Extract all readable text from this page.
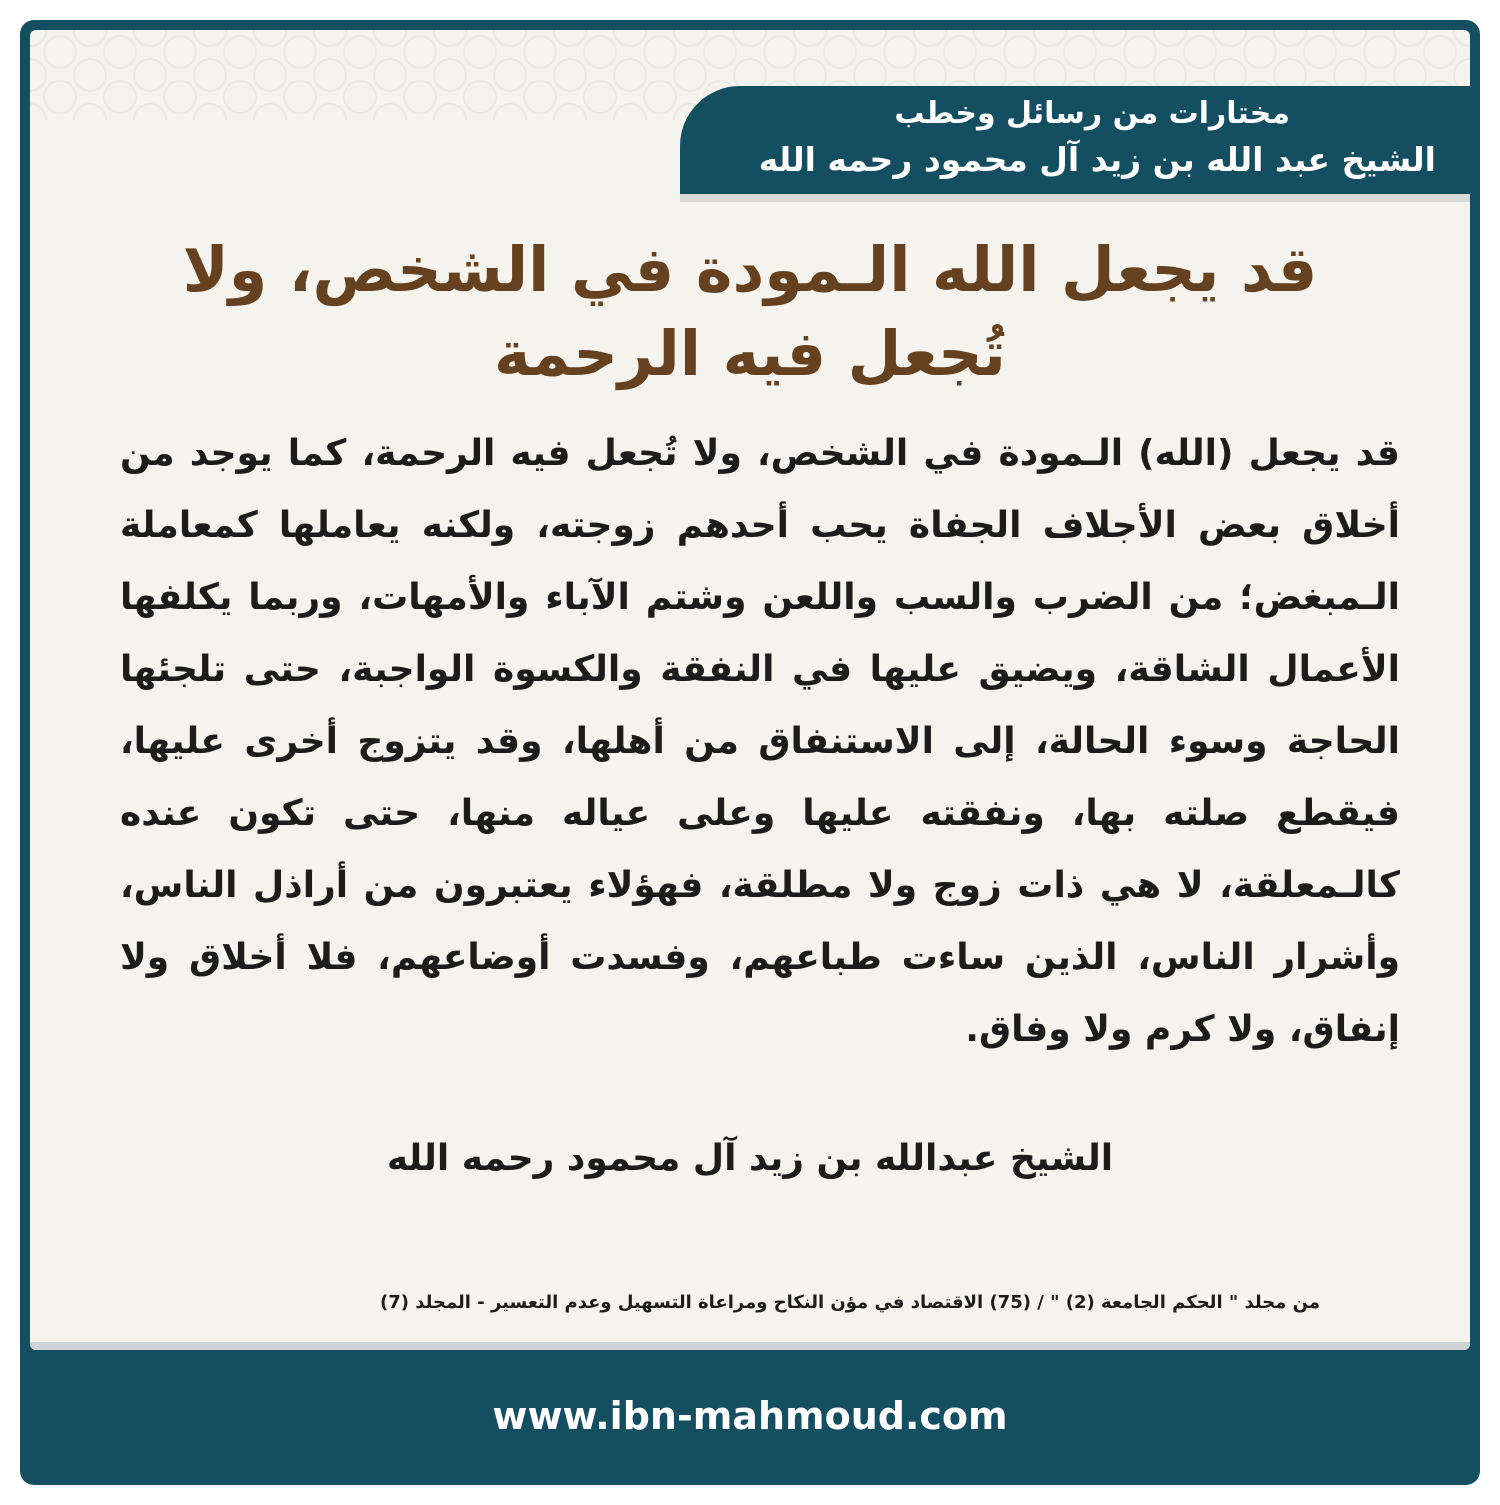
مختارات من رسائل وخطب
الشيخ عبد الله بن زيد آل محمود رحمه الله
قد يجعل الله الـمودة في الشخص، ولا تُجعل فيه الرحمة
قد يجعل (الله) الـمودة في الشخص، ولا تُجعل فيه الرحمة، كما يوجد من أخلاق بعض الأجلاف الجفاة يحب أحدهم زوجته، ولكنه يعاملها كمعاملة الـمبغض؛ من الضرب والسب واللعن وشتم الآباء والأمهات، وربما يكلفها الأعمال الشاقة، ويضيق عليها في النفقة والكسوة الواجبة، حتى تلجئها الحاجة وسوء الحالة، إلى الاستنفاق من أهلها، وقد يتزوج أخرى عليها، فيقطع صلته بها، ونفقته عليها وعلى عياله منها، حتى تكون عنده كالـمعلقة، لا هي ذات زوج ولا مطلقة، فهؤلاء يعتبرون من أراذل الناس، وأشرار الناس، الذين ساءت طباعهم، وفسدت أوضاعهم، فلا أخلاق ولا إنفاق، ولا كرم ولا وفاق.
الشيخ عبدالله بن زيد آل محمود رحمه الله
من مجلد " الحكم الجامعة (2) " / (75) الاقتصاد في مؤن النكاح ومراعاة التسهيل وعدم التعسير - المجلد (7)
www.ibn-mahmoud.com
